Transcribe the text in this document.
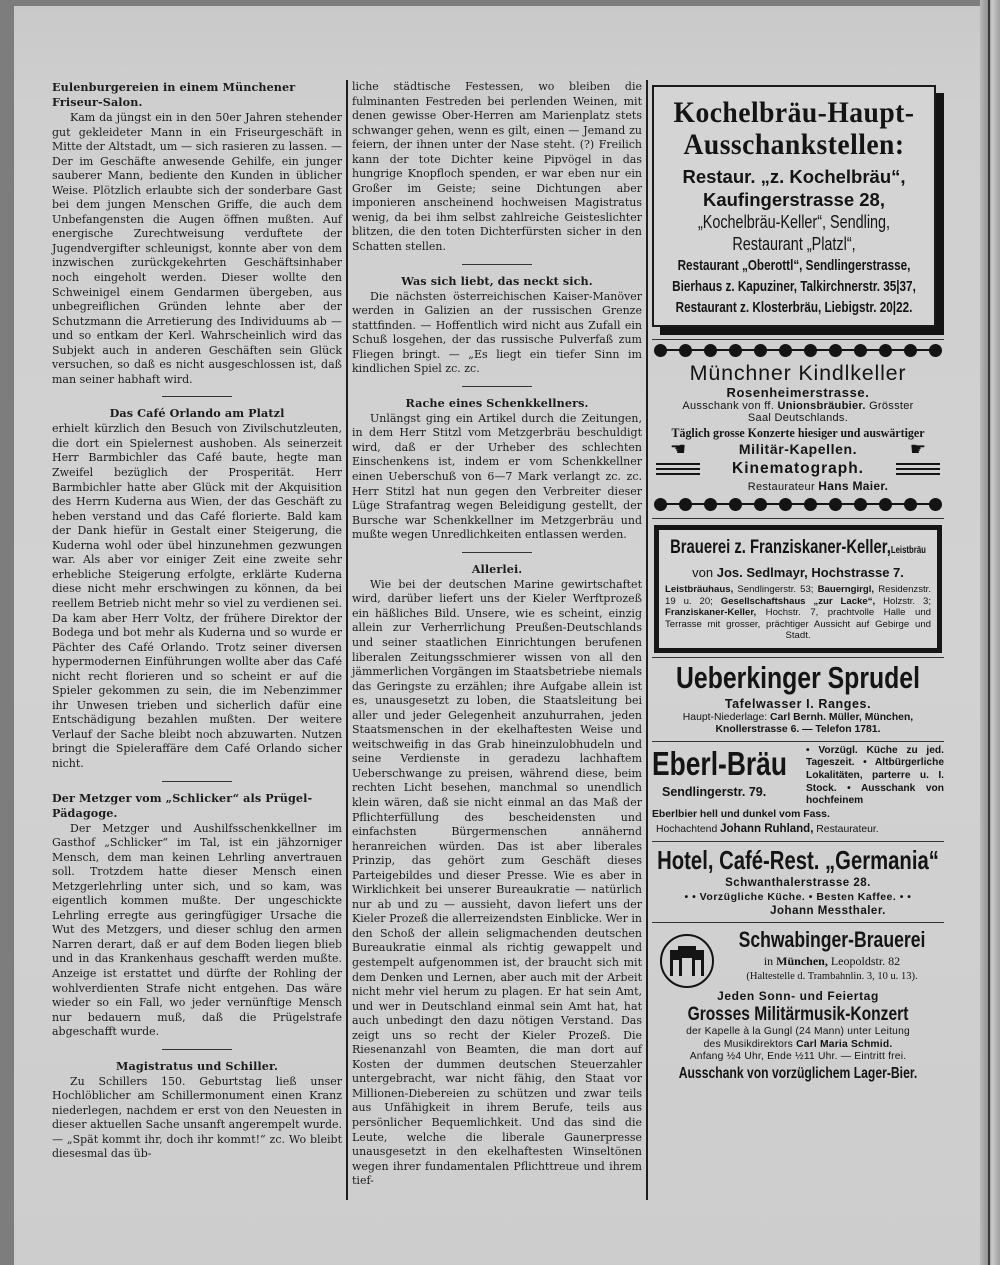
Eulenburgereien in einem Münchener Friseur-Salon.

Kam da jüngst ein in den 50er Jahren stehender gut gekleideter Mann in ein Friseurgeschäft in Mitte der Altstadt, um — sich rasieren zu lassen. — Der im Geschäfte anwesende Gehilfe, ein junger sauberer Mann, bediente den Kunden in üblicher Weise. Plötzlich erlaubte sich der sonderbare Gast bei dem jungen Menschen Griffe, die auch dem Unbefangensten die Augen öffnen mußten. Auf energische Zurechtweisung verduftete der Jugendvergifter schleunigst, konnte aber von dem inzwischen zurückgekehrten Geschäftsinhaber noch eingeholt werden. Dieser wollte den Schweinigel einem Gendarmen übergeben, aus unbegreiflichen Gründen lehnte aber der Schutzmann die Arretierung des Individuums ab — und so entkam der Kerl. Wahrscheinlich wird das Subjekt auch in anderen Geschäften sein Glück versuchen, so daß es nicht ausgeschlossen ist, daß man seiner habhaft wird.

Das Café Orlando am Platzl

erhielt kürzlich den Besuch von Zivilschutzleuten, die dort ein Spielernest aushoben. Als seinerzeit Herr Barmbichler das Café baute, hegte man Zweifel bezüglich der Prosperität. Herr Barmbichler hatte aber Glück mit der Akquisition des Herrn Kuderna aus Wien, der das Geschäft zu heben verstand und das Café florierte. Bald kam der Dank hiefür in Gestalt einer Steigerung, die Kuderna wohl oder übel hinzunehmen gezwungen war. Als aber vor einiger Zeit eine zweite sehr erhebliche Steigerung erfolgte, erklärte Kuderna diese nicht mehr erschwingen zu können, da bei reellem Betrieb nicht mehr so viel zu verdienen sei. Da kam aber Herr Voltz, der frühere Direktor der Bodega und bot mehr als Kuderna und so wurde er Pächter des Café Orlando. Trotz seiner diversen hypermodernen Einführungen wollte aber das Café nicht recht florieren und so scheint er auf die Spieler gekommen zu sein, die im Nebenzimmer ihr Unwesen trieben und sicherlich dafür eine Entschädigung bezahlen mußten. Der weitere Verlauf der Sache bleibt noch abzuwarten. Nutzen bringt die Spieleraffäre dem Café Orlando sicher nicht.

Der Metzger vom „Schlicker“ als Prügel-Pädagoge.

Der Metzger und Aushilfsschenkkellner im Gasthof „Schlicker“ im Tal, ist ein jähzorniger Mensch, dem man keinen Lehrling anvertrauen soll. Trotzdem hatte dieser Mensch einen Metzgerlehrling unter sich, und so kam, was eigentlich kommen mußte. Der ungeschickte Lehrling erregte aus geringfügiger Ursache die Wut des Metzgers, und dieser schlug den armen Narren derart, daß er auf dem Boden liegen blieb und in das Krankenhaus geschafft werden mußte. Anzeige ist erstattet und dürfte der Rohling der wohlverdienten Strafe nicht entgehen. Das wäre wieder so ein Fall, wo jeder vernünftige Mensch nur bedauern muß, daß die Prügelstrafe abgeschafft wurde.

Magistratus und Schiller.

Zu Schillers 150. Geburtstag ließ unser Hochlöblicher am Schillermonument einen Kranz niederlegen, nachdem er erst von den Neuesten in dieser aktuellen Sache unsanft angerempelt wurde. — „Spät kommt ihr, doch ihr kommt!“ zc. Wo bleibt diesesmal das üb-

liche städtische Festessen, wo bleiben die fulminanten Festreden bei perlenden Weinen, mit denen gewisse Ober-Herren am Marienplatz stets schwanger gehen, wenn es gilt, einen — Jemand zu feiern, der ihnen unter der Nase steht. (?) Freilich kann der tote Dichter keine Pipvögel in das hungrige Knopfloch spenden, er war eben nur ein Großer im Geiste; seine Dichtungen aber imponieren anscheinend hochweisen Magistratus wenig, da bei ihm selbst zahlreiche Geisteslichter blitzen, die den toten Dichterfürsten sicher in den Schatten stellen.

Was sich liebt, das neckt sich.

Die nächsten österreichischen Kaiser-Manöver werden in Galizien an der russischen Grenze stattfinden. — Hoffentlich wird nicht aus Zufall ein Schuß losgehen, der das russische Pulverfaß zum Fliegen bringt. — „Es liegt ein tiefer Sinn im kindlichen Spiel zc. zc.

Rache eines Schenkkellners.

Unlängst ging ein Artikel durch die Zeitungen, in dem Herr Stitzl vom Metzgerbräu beschuldigt wird, daß er der Urheber des schlechten Einschenkens ist, indem er vom Schenkkellner einen Ueberschuß von 6—7 Mark verlangt zc. zc. Herr Stitzl hat nun gegen den Verbreiter dieser Lüge Strafantrag wegen Beleidigung gestellt, der Bursche war Schenkkellner im Metzgerbräu und mußte wegen Unredlichkeiten entlassen werden.

Allerlei.

Wie bei der deutschen Marine gewirtschaftet wird, darüber liefert uns der Kieler Werftprozeß ein häßliches Bild. Unsere, wie es scheint, einzig allein zur Verherrlichung Preußen-Deutschlands und seiner staatlichen Einrichtungen berufenen liberalen Zeitungsschmierer wissen von all den jämmerlichen Vorgängen im Staatsbetriebe niemals das Geringste zu erzählen; ihre Aufgabe allein ist es, unausgesetzt zu loben, die Staatsleitung bei aller und jeder Gelegenheit anzuhurrahen, jeden Staatsmenschen in der ekelhaftesten Weise und weitschweifig in das Grab hineinzulobhudeln und seine Verdienste in geradezu lachhaftem Ueberschwange zu preisen, während diese, beim rechten Licht besehen, manchmal so unendlich klein wären, daß sie nicht einmal an das Maß der Pflichterfüllung des bescheidensten und einfachsten Bürgermenschen annähernd heranreichen würden. Das ist aber liberales Prinzip, das gehört zum Geschäft dieses Parteigebildes und dieser Presse. Wie es aber in Wirklichkeit bei unserer Bureaukratie — natürlich nur ab und zu — aussieht, davon liefert uns der Kieler Prozeß die allerreizendsten Einblicke. Wer in den Schoß der allein seligmachenden deutschen Bureaukratie einmal als richtig gewappelt und gestempelt aufgenommen ist, der braucht sich mit dem Denken und Lernen, aber auch mit der Arbeit nicht mehr viel herum zu plagen. Er hat sein Amt, und wer in Deutschland einmal sein Amt hat, hat auch unbedingt den dazu nötigen Verstand. Das zeigt uns so recht der Kieler Prozeß. Die Riesenanzahl von Beamten, die man dort auf Kosten der dummen deutschen Steuerzahler untergebracht, war nicht fähig, den Staat vor Millionen-Diebereien zu schützen und zwar teils aus Unfähigkeit in ihrem Berufe, teils aus persönlicher Bequemlichkeit. Und das sind die Leute, welche die liberale Gaunerpresse unausgesetzt in den ekelhaftesten Winseltönen wegen ihrer fundamentalen Pflichttreue und ihrem tief-

Kochelbräu-Haupt-
Ausschankstellen:
Restaur. „z. Kochelbräu“,
Kaufingerstrasse 28,
„Kochelbräu-Keller“, Sendling,
Restaurant „Platzl“,
Restaurant „Oberottl“, Sendlingerstrasse,
Bierhaus z. Kapuziner, Talkirchnerstr. 35|37,
Restaurant z. Klosterbräu, Liebigstr. 20|22.
Münchner Kindlkeller
Rosenheimerstrasse.
Ausschank von ff. Unionsbräubier. Grösster
Saal Deutschlands.
Täglich grosse Konzerte hiesiger und auswärtiger
☚	Militär-Kapellen.	☛
Kinematograph.
Restaurateur Hans Maier.
Brauerei z. Franziskaner-Keller,Leistbräu
von Jos. Sedlmayr, Hochstrasse 7.
Leistbräuhaus, Sendlingerstr. 53; Bauerngirgl, Residenzstr. 19 u. 20; Gesellschaftshaus „zur Lacke“, Holzstr. 3; Franziskaner-Keller, Hochstr. 7, prachtvolle Halle und Terrasse mit grosser, prächtiger Aussicht auf Gebirge und Stadt.
Ueberkinger Sprudel
Tafelwasser I. Ranges.
Haupt-Niederlage: Carl Bernh. Müller, München,
Knollerstrasse 6. — Telefon 1781.
Eberl-Bräu
Sendlingerstr. 79.
• Vorzügl. Küche zu jed. Tageszeit. • Altbürgerliche Lokalitäten, parterre u. I. Stock. • Ausschank von hochfeinem
Eberlbier hell und dunkel vom Fass.
Hochachtend Johann Ruhland, Restaurateur.
Hotel, Café-Rest. „Germania“
Schwanthalerstrasse 28.
• • Vorzügliche Küche. • Besten Kaffee. • •
Johann Messthaler.
Schwabinger-Brauerei
in München, Leopoldstr. 82
(Haltestelle d. Trambahnlin. 3, 10 u. 13).
Jeden Sonn- und Feiertag
Grosses Militärmusik-Konzert
der Kapelle à la Gungl (24 Mann) unter Leitung
des Musikdirektors Carl Maria Schmid.
Anfang ½4 Uhr, Ende ½11 Uhr. — Eintritt frei.
Ausschank von vorzüglichem Lager-Bier.
